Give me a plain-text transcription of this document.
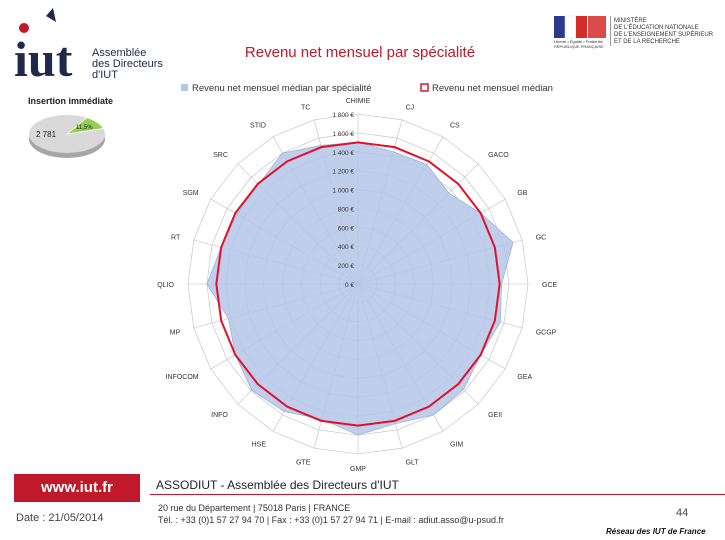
iut Assemblée
des Directeurs
d'IUT
Liberté • Égalité • Fraternité
RÉPUBLIQUE FRANÇAISE
MINISTÈRE
DE L'ÉDUCATION NATIONALE
DE L'ENSEIGNEMENT SUPÉRIEUR
ET DE LA RECHERCHE
Revenu net mensuel par spécialité
Insertion immédiate
2 781
11,5%
Revenu net mensuel médian par spécialité	Revenu net mensuel médian
0 €
200 €
400 €
600 €
800 €
1 000 €
1 200 €
1 400 €
1 600 €
1 800 €
CHIMIE
CJ
CS
GACO
GB
GC
GCE
GCGP
GEA
GEII
GIM
GLT
GMP
GTE
HSE
INFO
INFOCOM
MP
QLIO
RT
SGM
SRC
STID
TC
www.iut.fr
Date : 21/05/2014
ASSODIUT - Assemblée des Directeurs d'IUT
20 rue du Département | 75018 Paris | FRANCE
Tél. : +33 (0)1 57 27 94 70 | Fax : +33 (0)1 57 27 94 71 | E-mail : adiut.asso@u-psud.fr
44
Réseau des IUT de France
